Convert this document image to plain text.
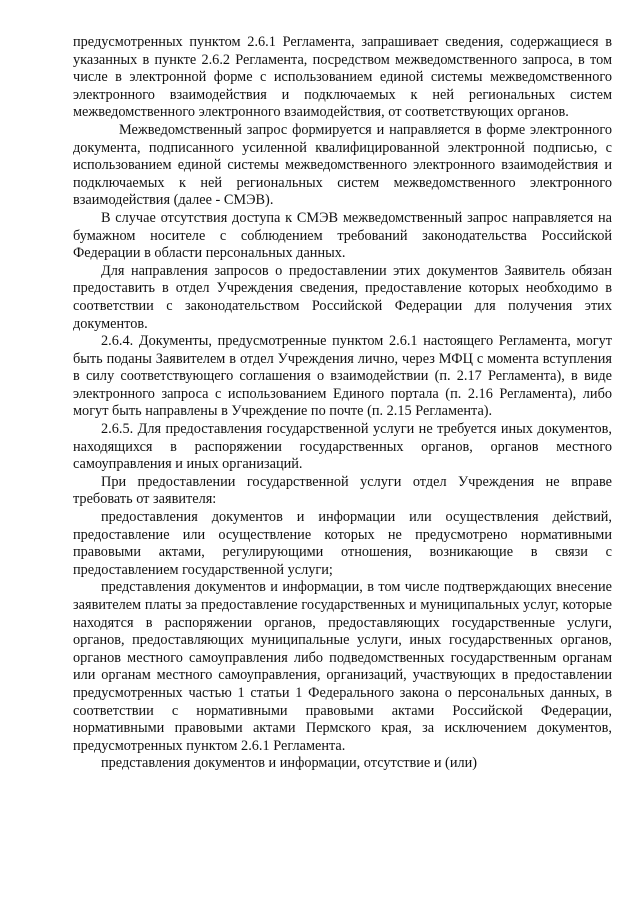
предусмотренных пунктом 2.6.1 Регламента, запрашивает сведения, содержащиеся в указанных в пункте 2.6.2 Регламента, посредством межведомственного запроса, в том числе в электронной форме с использованием единой системы межведомственного электронного взаимодействия и подключаемых к ней региональных систем межведомственного электронного взаимодействия, от соответствующих органов.

Межведомственный запрос формируется и направляется в форме электронного документа, подписанного усиленной квалифицированной электронной подписью, с использованием единой системы межведомственного электронного взаимодействия и подключаемых к ней региональных систем межведомственного электронного взаимодействия (далее - СМЭВ).

В случае отсутствия доступа к СМЭВ межведомственный запрос направляется на бумажном носителе с соблюдением требований законодательства Российской Федерации в области персональных данных.

Для направления запросов о предоставлении этих документов Заявитель обязан предоставить в отдел Учреждения сведения, предоставление которых необходимо в соответствии с законодательством Российской Федерации для получения этих документов.

2.6.4. Документы, предусмотренные пунктом 2.6.1 настоящего Регламента, могут быть поданы Заявителем в отдел Учреждения лично, через МФЦ с момента вступления в силу соответствующего соглашения о взаимодействии (п. 2.17 Регламента), в виде электронного запроса с использованием Единого портала (п. 2.16 Регламента), либо могут быть направлены в Учреждение по почте (п. 2.15 Регламента).

2.6.5. Для предоставления государственной услуги не требуется иных документов, находящихся в распоряжении государственных органов, органов местного самоуправления и иных организаций.

При предоставлении государственной услуги отдел Учреждения не вправе требовать от заявителя:

предоставления документов и информации или осуществления действий, предоставление или осуществление которых не предусмотрено нормативными правовыми актами, регулирующими отношения, возникающие в связи с предоставлением государственной услуги;

представления документов и информации, в том числе подтверждающих внесение заявителем платы за предоставление государственных и муниципальных услуг, которые находятся в распоряжении органов, предоставляющих государственные услуги, органов, предоставляющих муниципальные услуги, иных государственных органов, органов местного самоуправления либо подведомственных государственным органам или органам местного самоуправления, организаций, участвующих в предоставлении предусмотренных частью 1 статьи 1 Федерального закона о персональных данных, в соответствии с нормативными правовыми актами Российской Федерации, нормативными правовыми актами Пермского края, за исключением документов, предусмотренных пунктом 2.6.1 Регламента.

представления документов и информации, отсутствие и (или)
